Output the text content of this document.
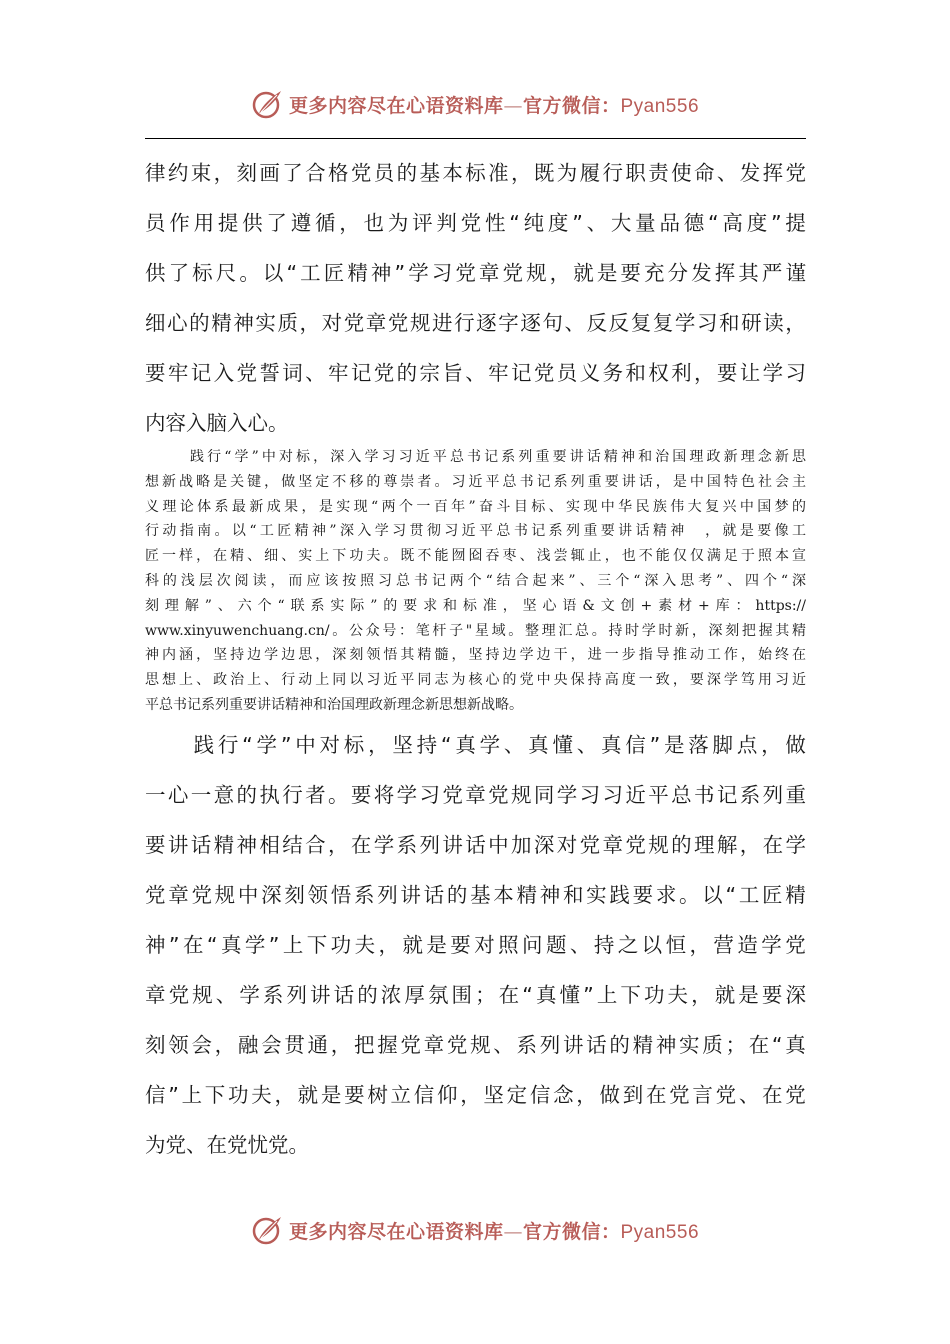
更多内容尽在心语资料库—官方微信：Pyan556
律 约 束 ， 刻 画 了 合 格 党 员 的 基 本 标 准 ， 既 为 履 行 职 责 使 命 、 发 挥 党
员 作 用 提 供 了 遵 循 ， 也 为 评 判 党 性 “ 纯 度 ” 、 大 量 品 德 “ 高 度 ” 提
供 了 标 尺 。 以 “ 工 匠 精 神 ” 学 习 党 章 党 规 ， 就 是 要 充 分 发 挥 其 严 谨
细 心 的 精 神 实 质 ， 对 党 章 党 规 进 行 逐 字 逐 句 、 反 反 复 复 学 习 和 研 读 ，
要 牢 记 入 党 誓 词 、 牢 记 党 的 宗 旨 、 牢 记 党 员 义 务 和 权 利 ， 要 让 学 习
内容入脑入心。
践行“学”中对标，深入学习习近平总书记系列重要讲话精神和治国理政新理念新思
想新战略是关键，做坚定不移的尊崇者。习近平总书记系列重要讲话，是中国特色社会主
义理论体系最新成果，是实现“两个一百年”奋斗目标、实现中华民族伟大复兴中国梦的
行动指南。以“工匠精神”深入学习贯彻习近平总书记系列重要讲话精神　，就是要像工
匠一样，在精、细、实上下功夫。既不能囫囵吞枣、浅尝辄止，也不能仅仅满足于照本宣
科的浅层次阅读，而应该按照习总书记两个“结合起来”、三个“深入思考”、四个“深
刻理解”、六个“联系实际”的要求和标准，坚心语&文创+素材+库：https://
www.xinyuwenchuang.cn/。公众号：笔杆子"星域。整理汇总。持时学时新，深刻把握其精
神内涵，坚持边学边思，深刻领悟其精髓，坚持边学边干，进一步指导推动工作，始终在
思想上、政治上、行动上同以习近平同志为核心的党中央保持高度一致，要深学笃用习近
平总书记系列重要讲话精神和治国理政新理念新思想新战略。

践 行 “ 学 ” 中 对 标 ， 坚 持 “ 真 学 、 真 懂 、 真 信 ” 是 落 脚 点 ， 做
一 心 一 意 的 执 行 者 。 要 将 学 习 党 章 党 规 同 学 习 习 近 平 总 书 记 系 列 重
要 讲 话 精 神 相 结 合 ， 在 学 系 列 讲 话 中 加 深 对 党 章 党 规 的 理 解 ， 在 学
党 章 党 规 中 深 刻 领 悟 系 列 讲 话 的 基 本 精 神 和 实 践 要 求 。 以 “ 工 匠 精
神 ” 在 “ 真 学 ” 上 下 功 夫 ， 就 是 要 对 照 问 题 、 持 之 以 恒 ， 营 造 学 党
章 党 规 、 学 系 列 讲 话 的 浓 厚 氛 围 ； 在 “ 真 懂 ” 上 下 功 夫 ， 就 是 要 深
刻 领 会 ， 融 会 贯 通 ， 把 握 党 章 党 规 、 系 列 讲 话 的 精 神 实 质 ； 在 “ 真
信 ” 上 下 功 夫 ， 就 是 要 树 立 信 仰 ， 坚 定 信 念 ， 做 到 在 党 言 党 、 在 党
为党、在党忧党。
更多内容尽在心语资料库—官方微信：Pyan556
